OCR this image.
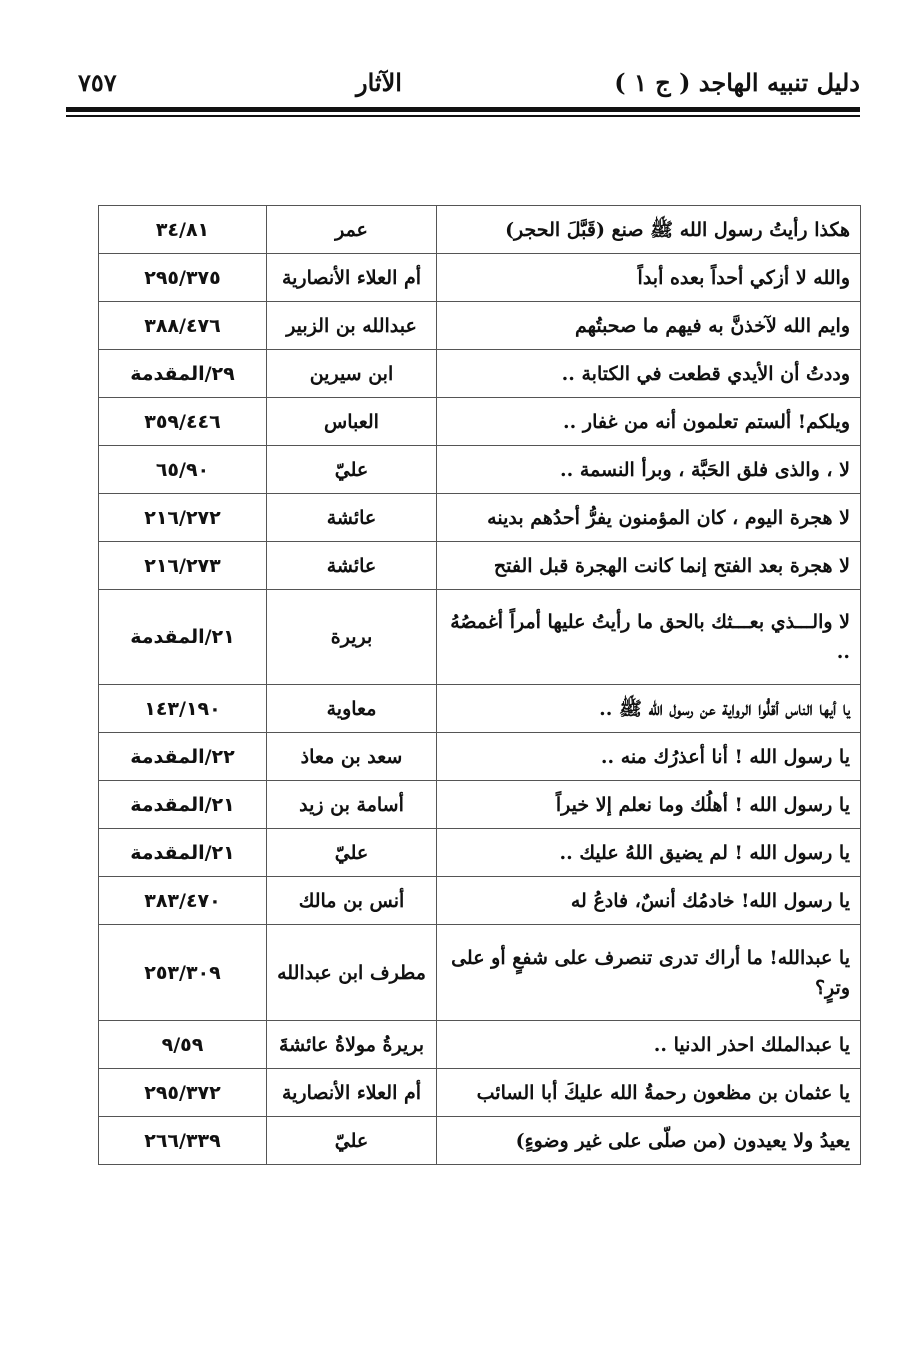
دليل تنبيه الهاجد ( ج ١ )
الآثار
٧٥٧
هكذا رأيتُ رسول الله ﷺ صنع (قَبَّلَ الحجر)	عمر	٣٤/٨١
والله لا أزكي أحداً بعده أبداً	أم العلاء الأنصارية	٢٩٥/٣٧٥
وايم الله لآخذنَّ به فيهم ما صحبتُهم	عبدالله بن الزبير	٣٨٨/٤٧٦
وددتُ أن الأيدي قطعت في الكتابة ..	ابن سيرين	٢٩/المقدمة
ويلكم! ألستم تعلمون أنه من غفار ..	العباس	٣٥٩/٤٤٦
لا ، والذى فلق الحَبَّة ، وبرأ النسمة ..	عليّ	٦٥/٩٠
لا هجرة اليوم ، كان المؤمنون يفرُّ أحدُهم بدينه	عائشة	٢١٦/٢٧٢
لا هجرة بعد الفتح إنما كانت الهجرة قبل الفتح	عائشة	٢١٦/٢٧٣
لا والـــذي بعـــثك بالحق ما رأيتُ عليها أمراً أغمصُهُ ..	بريرة	٢١/المقدمة
يا أيها الناس أقلُّوا الرواية عن رسول الله ﷺ ..	معاوية	١٤٣/١٩٠
يا رسول الله ! أنا أعذرُك منه ..	سعد بن معاذ	٢٢/المقدمة
يا رسول الله ! أهلُك وما نعلم إلا خيراً	أسامة بن زيد	٢١/المقدمة
يا رسول الله ! لم يضيق اللهُ عليك ..	عليّ	٢١/المقدمة
يا رسول الله! خادمُك أنسٌ، فادعُ له	أنس بن مالك	٣٨٣/٤٧٠
يا عبدالله! ما أراك تدرى تنصرف على شفعٍ أو على وترٍ؟	مطرف ابن عبدالله	٢٥٣/٣٠٩
يا عبدالملك احذر الدنيا ..	بريرةُ مولاةُ عائشةَ	٩/٥٩
يا عثمان بن مظعون رحمةُ الله عليكَ أبا السائب	أم العلاء الأنصارية	٢٩٥/٣٧٢
يعيدُ ولا يعيدون (من صلّى على غير وضوءٍ)	عليّ	٢٦٦/٣٣٩
